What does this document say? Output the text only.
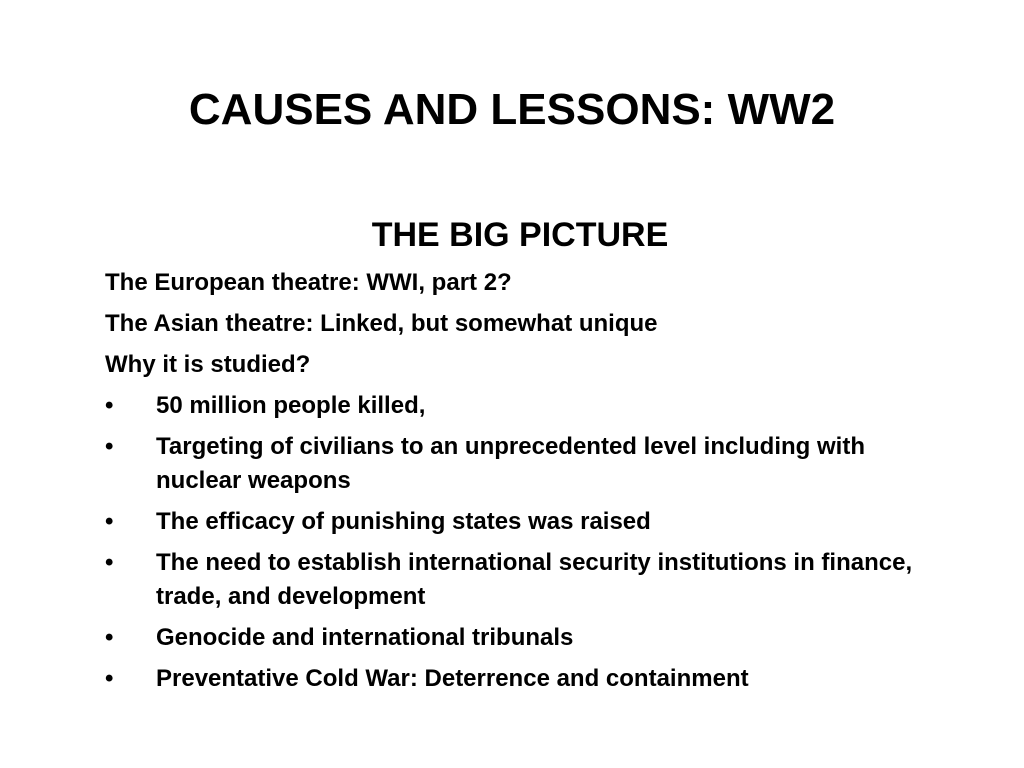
CAUSES AND LESSONS: WW2
THE BIG PICTURE

The European theatre: WWI, part 2?

The Asian theatre: Linked, but somewhat unique

Why it is studied?

•	50 million people killed,
•	Targeting of civilians to an unprecedented level including with nuclear weapons
•	The efficacy of punishing states was raised
•	The need to establish international security institutions in finance, trade, and development
•	Genocide and international tribunals
•	Preventative Cold War: Deterrence and containment
